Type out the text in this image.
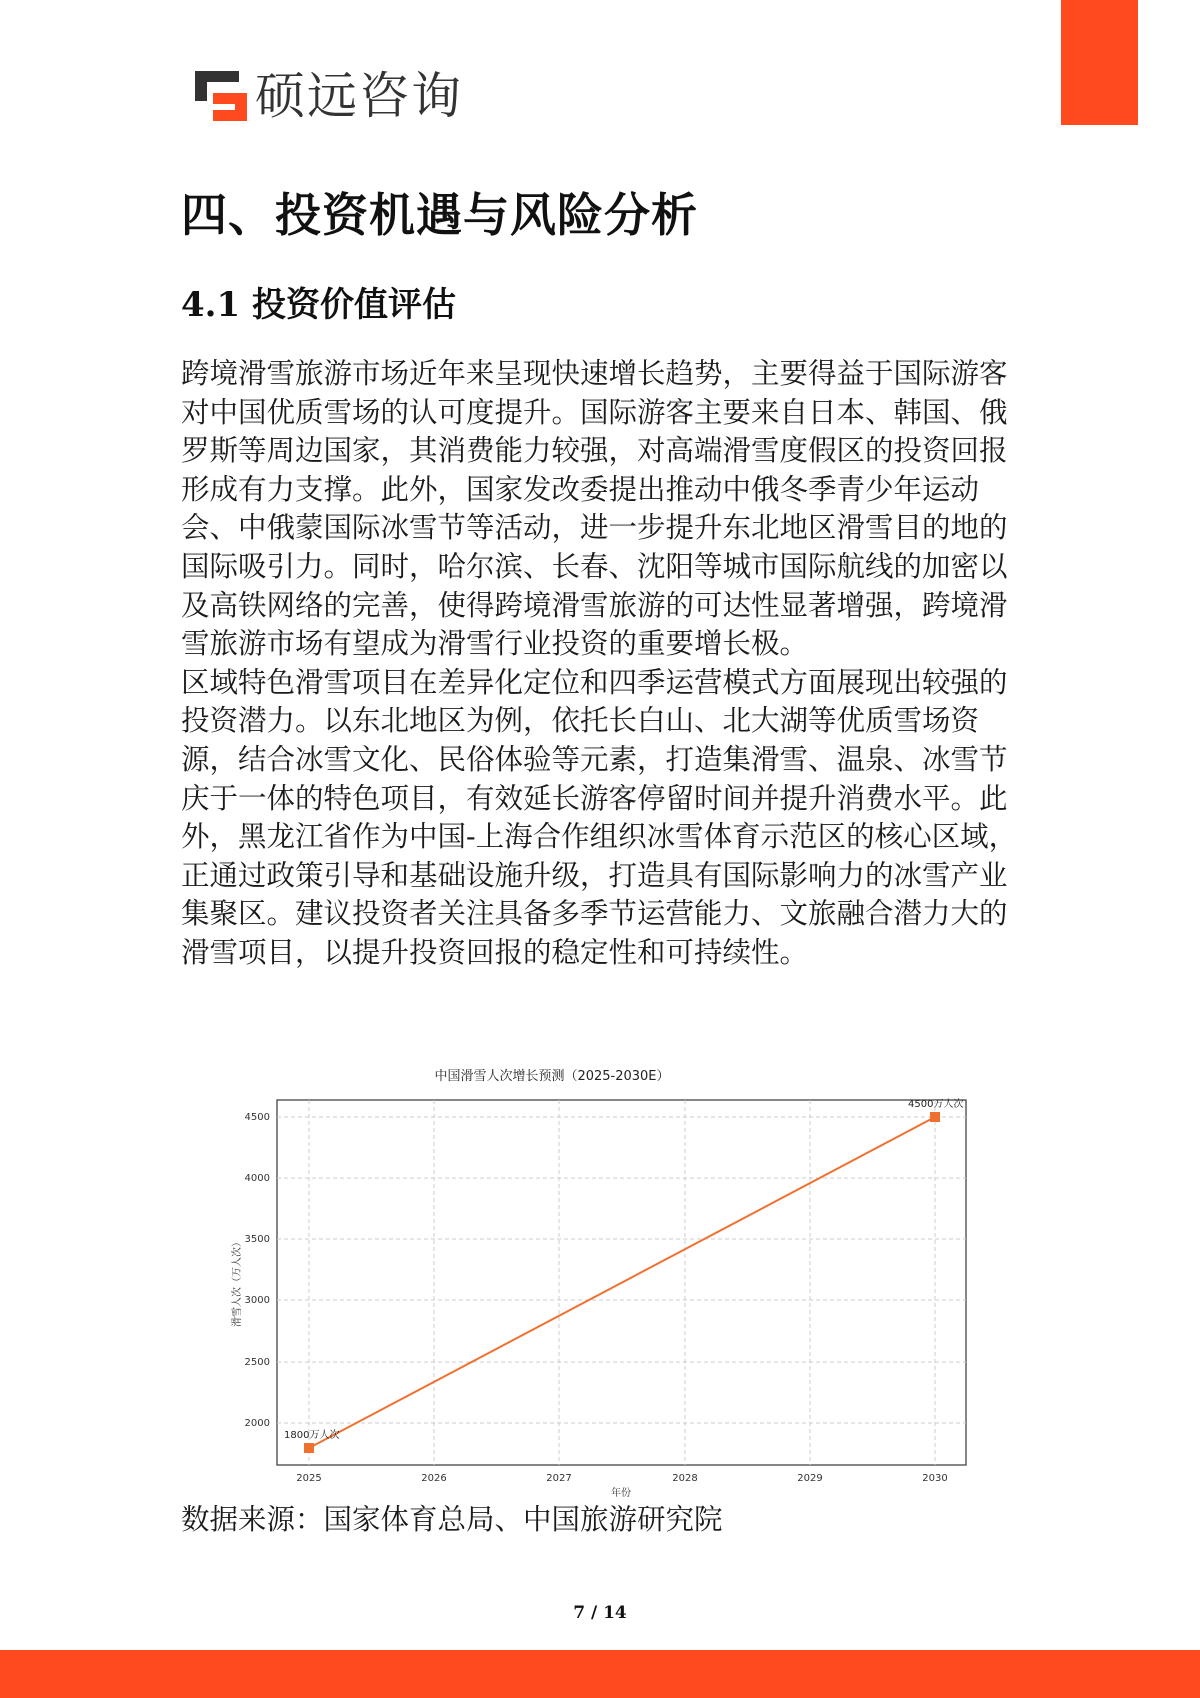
硕远咨询
四、投资机遇与风险分析
4.1 投资价值评估

跨境滑雪旅游市场近年来呈现快速增长趋势，主要得益于国际游客对中国优质雪场的认可度提升。国际游客主要来自日本、韩国、俄罗斯等周边国家，其消费能力较强，对高端滑雪度假区的投资回报形成有力支撑。此外，国家发改委提出推动中俄冬季青少年运动会、中俄蒙国际冰雪节等活动，进一步提升东北地区滑雪目的地的国际吸引力。同时，哈尔滨、长春、沈阳等城市国际航线的加密以及高铁网络的完善，使得跨境滑雪旅游的可达性显著增强，跨境滑雪旅游市场有望成为滑雪行业投资的重要增长极。

区域特色滑雪项目在差异化定位和四季运营模式方面展现出较强的投资潜力。以东北地区为例，依托长白山、北大湖等优质雪场资源，结合冰雪文化、民俗体验等元素，打造集滑雪、温泉、冰雪节庆于一体的特色项目，有效延长游客停留时间并提升消费水平。此外，黑龙江省作为中国-上海合作组织冰雪体育示范区的核心区域，正通过政策引导和基础设施升级，打造具有国际影响力的冰雪产业集聚区。建议投资者关注具备多季节运营能力、文旅融合潜力大的滑雪项目，以提升投资回报的稳定性和可持续性。

中国滑雪人次增长预测（2025-2030E）
4500
4000
3500
3000
2500
2000
2025	2026	2027	2028	2029	2030
年份
滑雪人次（万人次）
1800万人次
4500万人次
数据来源：国家体育总局、中国旅游研究院
7 / 14
